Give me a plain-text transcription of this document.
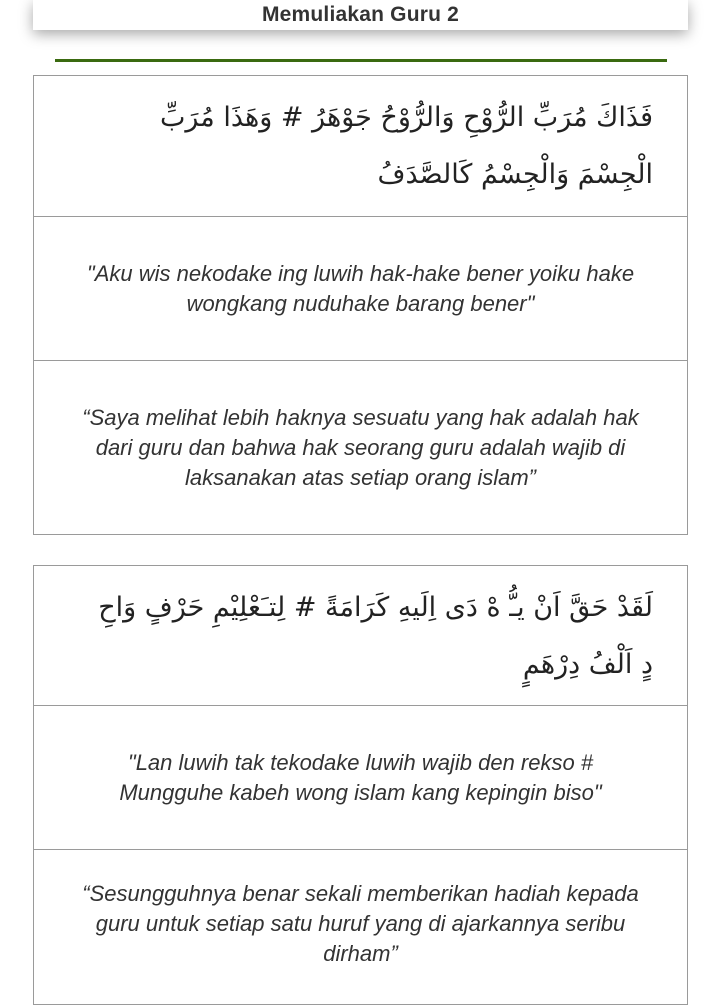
Memuliakan Guru 2
فَذَاكَ مُرَبِّ الرُّوْحِ وَالرُّوْحُ جَوْهَرُ # وَهَذَا مُرَبِّ الْجِسْمَ وَالْجِسْمُ كَالصَّدَفُ
"Aku wis nekodake ing luwih hak-hake bener yoiku hake wongkang nuduhake barang bener"
“Saya melihat lebih haknya sesuatu yang hak adalah hak dari guru dan bahwa hak seorang guru adalah wajib di laksanakan atas setiap orang islam”
لَقَدْ حَقَّ اَنْ يـُّ هْ دَى اِلَيهِ كَرَامَةً # لِتـَعْلِيْمِ حَرْفٍ وَاحِ دٍ اَلْفُ دِرْهَمٍ
"Lan luwih tak tekodake luwih wajib den rekso # Mungguhe kabeh wong islam kang kepingin biso"
“Sesungguhnya benar sekali memberikan hadiah kepada guru untuk setiap satu huruf yang di ajarkannya seribu dirham”
